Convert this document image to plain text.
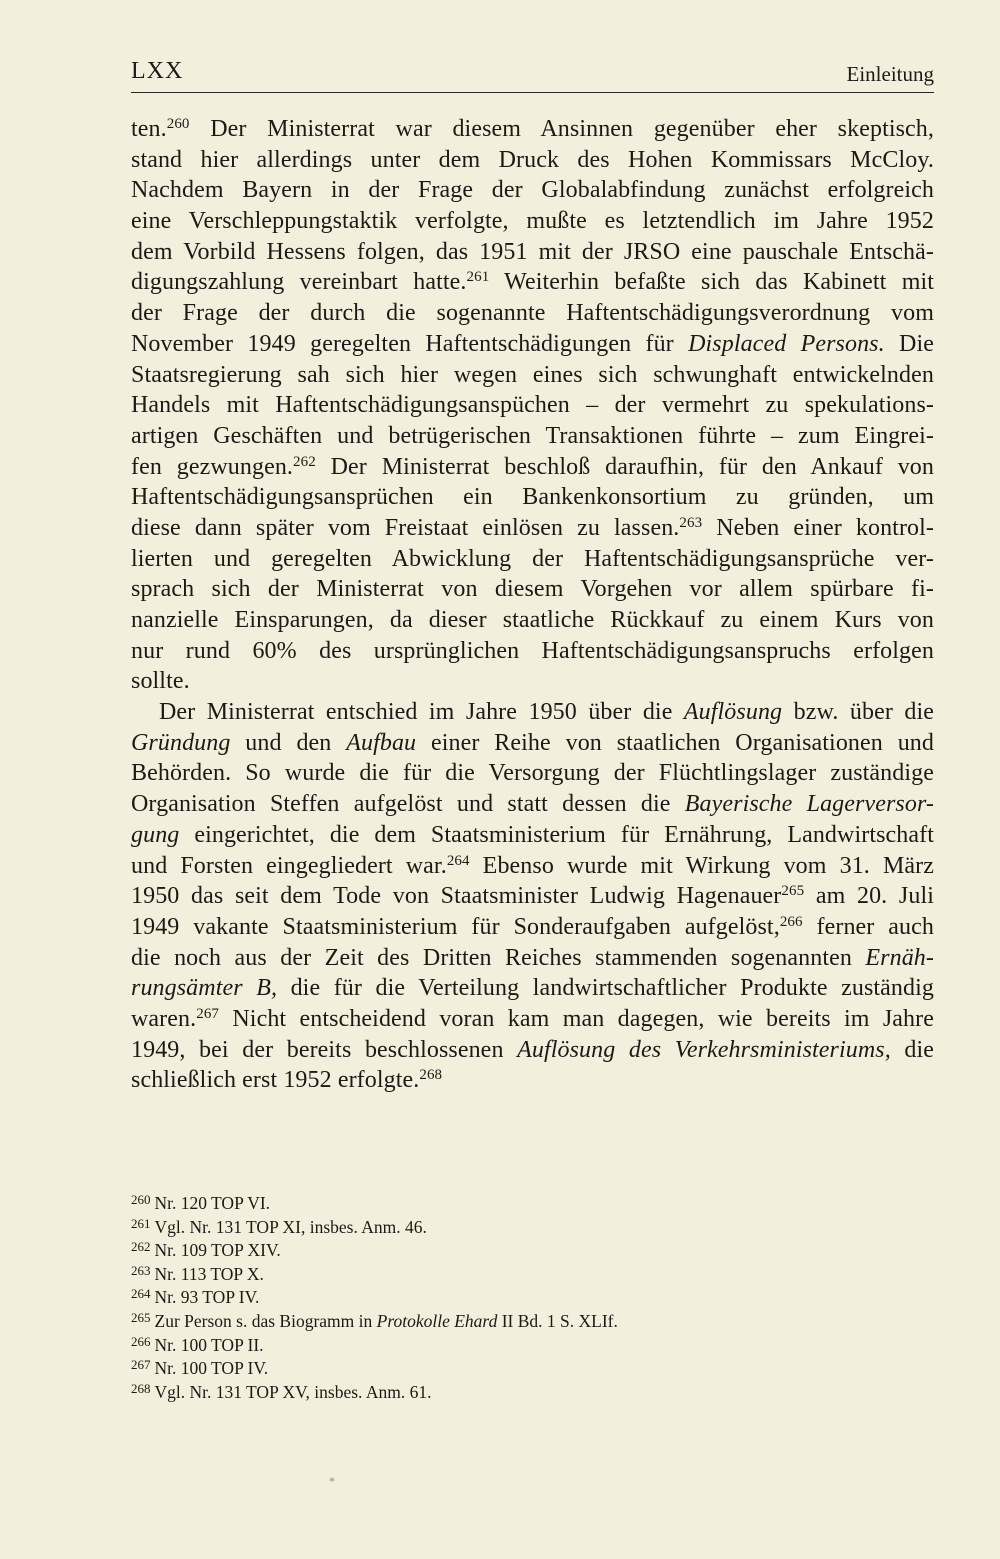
LXX	Einleitung
ten.$^{260}$ Der Ministerrat war diesem Ansinnen gegenüber eher skeptisch,
stand hier allerdings unter dem Druck des Hohen Kommissars McCloy.
Nachdem Bayern in der Frage der Globalabfindung zunächst erfolgreich
eine Verschleppungstaktik verfolgte, mußte es letztendlich im Jahre 1952
dem Vorbild Hessens folgen, das 1951 mit der JRSO eine pauschale Entschä-
digungszahlung vereinbart hatte.$^{261}$ Weiterhin befaßte sich das Kabinett mit
der Frage der durch die sogenannte Haftentschädigungsverordnung vom
November 1949 geregelten Haftentschädigungen für Displaced Persons. Die
Staatsregierung sah sich hier wegen eines sich schwunghaft entwickelnden
Handels mit Haftentschädigungsanspüchen – der vermehrt zu spekulations-
artigen Geschäften und betrügerischen Transaktionen führte – zum Eingrei-
fen gezwungen.$^{262}$ Der Ministerrat beschloß daraufhin, für den Ankauf von
Haftentschädigungsansprüchen ein Bankenkonsortium zu gründen, um
diese dann später vom Freistaat einlösen zu lassen.$^{263}$ Neben einer kontrol-
lierten und geregelten Abwicklung der Haftentschädigungsansprüche ver-
sprach sich der Ministerrat von diesem Vorgehen vor allem spürbare fi-
nanzielle Einsparungen, da dieser staatliche Rückkauf zu einem Kurs von
nur rund 60% des ursprünglichen Haftentschädigungsanspruchs erfolgen
sollte.
Der Ministerrat entschied im Jahre 1950 über die Auflösung bzw. über die
Gründung und den Aufbau einer Reihe von staatlichen Organisationen und
Behörden. So wurde die für die Versorgung der Flüchtlingslager zuständige
Organisation Steffen aufgelöst und statt dessen die Bayerische Lagerversor-
gung eingerichtet, die dem Staatsministerium für Ernährung, Landwirtschaft
und Forsten eingegliedert war.$^{264}$ Ebenso wurde mit Wirkung vom 31. März
1950 das seit dem Tode von Staatsminister Ludwig Hagenauer$^{265}$ am 20. Juli
1949 vakante Staatsministerium für Sonderaufgaben aufgelöst,$^{266}$ ferner auch
die noch aus der Zeit des Dritten Reiches stammenden sogenannten Ernäh-
rungsämter B, die für die Verteilung landwirtschaftlicher Produkte zuständig
waren.$^{267}$ Nicht entscheidend voran kam man dagegen, wie bereits im Jahre
1949, bei der bereits beschlossenen Auflösung des Verkehrsministeriums, die
schließlich erst 1952 erfolgte.$^{268}$
$^{260}$ Nr. 120 TOP VI.
$^{261}$ Vgl. Nr. 131 TOP XI, insbes. Anm. 46.
$^{262}$ Nr. 109 TOP XIV.
$^{263}$ Nr. 113 TOP X.
$^{264}$ Nr. 93 TOP IV.
$^{265}$ Zur Person s. das Biogramm in Protokolle Ehard II Bd. 1 S. XLIf.
$^{266}$ Nr. 100 TOP II.
$^{267}$ Nr. 100 TOP IV.
$^{268}$ Vgl. Nr. 131 TOP XV, insbes. Anm. 61.
*
